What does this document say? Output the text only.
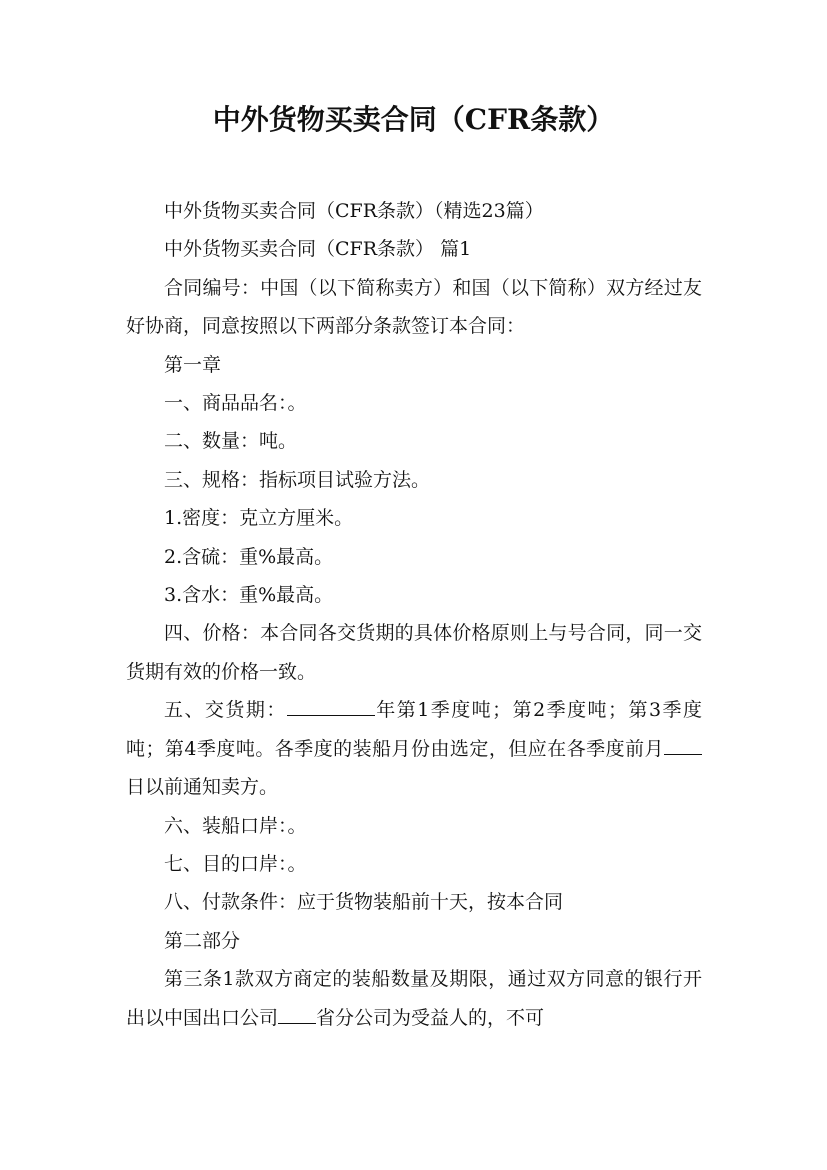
中外货物买卖合同（CFR条款）

中外货物买卖合同（CFR条款）（精选23篇）

中外货物买卖合同（CFR条款） 篇1

合同编号：中国（以下简称卖方）和国（以下简称）双方经过友好协商，同意按照以下两部分条款签订本合同：

第一章

一、商品品名：。

二、数量：吨。

三、规格：指标项目试验方法。

1.密度：克立方厘米。

2.含硫：重%最高。

3.含水：重%最高。

四、价格：本合同各交货期的具体价格原则上与号合同，同一交货期有效的价格一致。

五、交货期：	年第1季度吨；第2季度吨；第3季度吨；第4季度吨。各季度的装船月份由选定，但应在各季度前月日以前通知卖方。

六、装船口岸：。

七、目的口岸：。

八、付款条件：应于货物装船前十天，按本合同

第二部分

第三条1款双方商定的装船数量及期限，通过双方同意的银行开出以中国出口公司 省分公司为受益人的，不可
